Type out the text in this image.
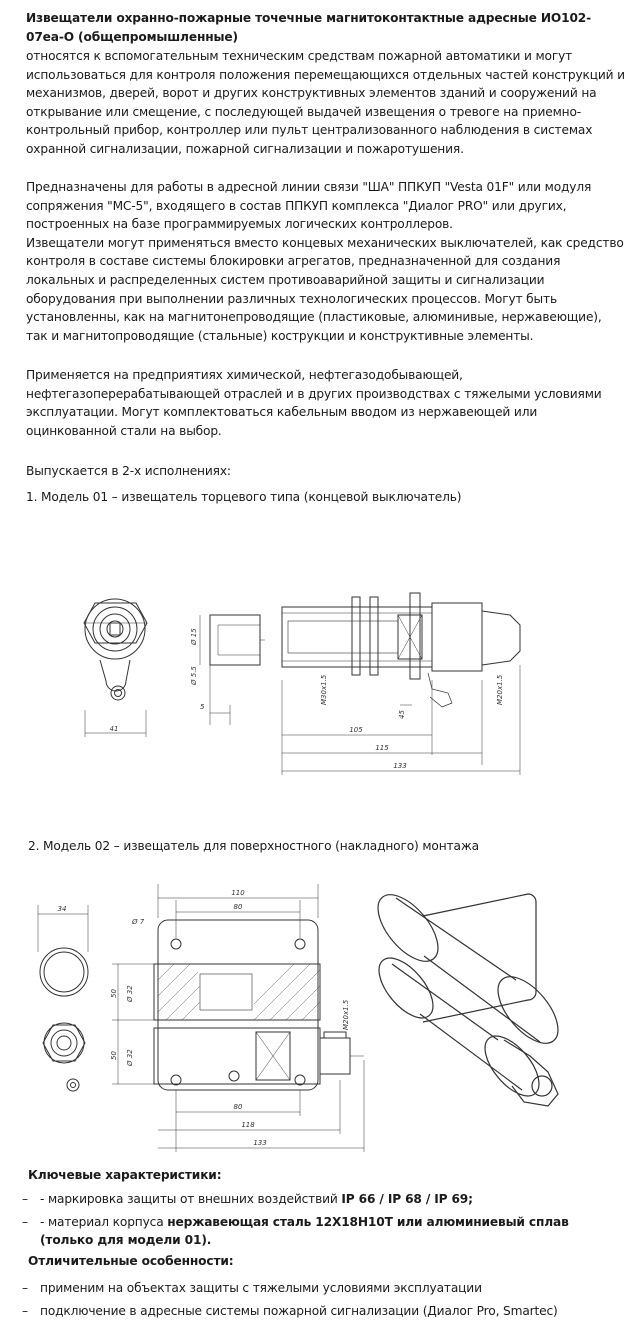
Извещатели охранно-пожарные точечные магнитоконтактные адресные ИО102-07еа-О (общепромышленные)

относятся к вспомогательным техническим средствам пожарной автоматики и могут использоваться для контроля положения перемещающихся отдельных частей конструкций и механизмов, дверей, ворот и других конструктивных элементов зданий и сооружений на открывание или смещение, с последующей выдачей извещения о тревоге на приемно-контрольный прибор, контроллер или пульт централизованного наблюдения в системах охранной сигнализации, пожарной сигнализации и пожаротушения.

Предназначены для работы в адресной линии связи "ША" ППКУП "Vesta 01F" или модуля сопряжения "МС-5", входящего в состав ППКУП комплекса "Диалог PRO" или других, построенных на базе программируемых логических контроллеров.

Извещатели могут применяться вместо концевых механических выключателей, как средство контроля в составе системы блокировки агрегатов, предназначенной для создания локальных и распределенных систем противоаварийной защиты и сигнализации оборудования при выполнении различных технологических процессов. Могут быть установленны, как на магнитонепроводящие (пластиковые, алюминивые, нержавеющие), так и магнитопроводящие (стальные) кострукции и конструктивные элементы.

Применяется на предприятиях химической, нефтегазодобывающей, нефтегазоперерабатывающей отраслей и в других производствах с тяжелыми условиями эксплуатации. Могут комплектоваться кабельным вводом из нержавеющей или оцинкованной стали на выбор.

Выпускается в 2-х исполнениях:
1. Модель 01 – извещатель торцевого типа (концевой выключатель)
41
Ø 15
Ø 5.5
5
M30x1.5	M20x1.5
45
105
115
133
2. Модель 02 – извещатель для поверхностного (накладного) монтажа
34
Ø 7
110
80
50
50
Ø 32
Ø 32
M20x1.5
80
118
133
Ключевые характеристики:
– - маркировка защиты от внешних воздействий IP 66 / IP 68 / IP 69;
– - материал корпуса нержавеющая сталь 12Х18Н10Т или алюминиевый сплав (только для модели 01).
Отличительные особенности:
– применим на объектах защиты с тяжелыми условиями эксплуатации
– подключение в адресные системы пожарной сигнализации (Диалог Pro, Smartec)
